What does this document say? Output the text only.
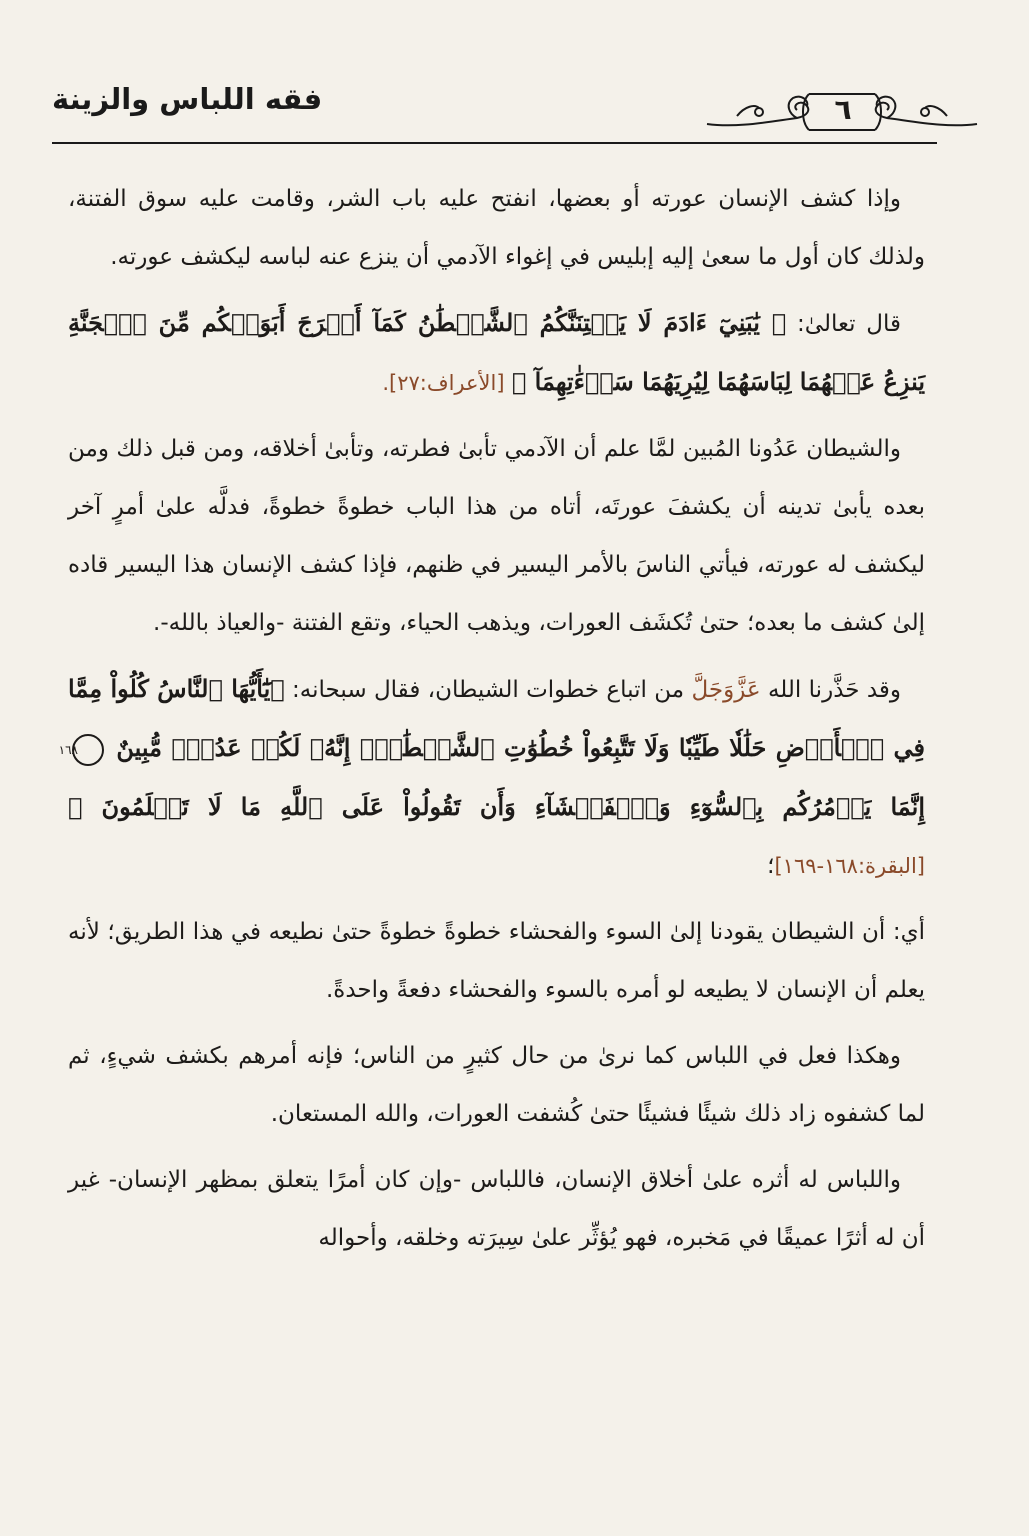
فقه اللباس والزينة	٦

وإذا كشف الإنسان عورته أو بعضها، انفتح عليه باب الشر، وقامت عليه سوق الفتنة، ولذلك كان أول ما سعىٰ إليه إبليس في إغواء الآدمي أن ينزع عنه لباسه ليكشف عورته.

قال تعالىٰ: ﴿ يَٰبَنِيٓ ءَادَمَ لَا يَفۡتِنَنَّكُمُ ٱلشَّيۡطَٰنُ كَمَآ أَخۡرَجَ أَبَوَيۡكُم مِّنَ ٱلۡجَنَّةِ يَنزِعُ عَنۡهُمَا لِبَاسَهُمَا لِيُرِيَهُمَا سَوۡءَٰتِهِمَآ ﴾ [الأعراف:٢٧].

والشيطان عَدُونا المُبين لمَّا علم أن الآدمي تأبىٰ فطرته، وتأبىٰ أخلاقه، ومن قبل ذلك ومن بعده يأبىٰ تدينه أن يكشفَ عورتَه، أتاه من هذا الباب خطوةً خطوةً، فدلَّه علىٰ أمرٍ آخر ليكشف له عورته، فيأتي الناسَ بالأمر اليسير في ظنهم، فإذا كشف الإنسان هذا اليسير قاده إلىٰ كشف ما بعده؛ حتىٰ تُكشَف العورات، ويذهب الحياء، وتقع الفتنة -والعياذ بالله-.

وقد حَذَّرنا الله عَزَّوَجَلَّ من اتباع خطوات الشيطان، فقال سبحانه: ﴿يَٰٓأَيُّهَا ٱلنَّاسُ كُلُواْ مِمَّا فِي ٱلۡأَرۡضِ حَلَٰلٗا طَيِّبٗا وَلَا تَتَّبِعُواْ خُطُوَٰتِ ٱلشَّيۡطَٰنِۚ إِنَّهُۥ لَكُمۡ عَدُوّٞ مُّبِينٌ ١٦٨ إِنَّمَا يَأۡمُرُكُم بِٱلسُّوٓءِ وَٱلۡفَحۡشَآءِ وَأَن تَقُولُواْ عَلَى ٱللَّهِ مَا لَا تَعۡلَمُونَ ﴾ [البقرة:١٦٨-١٦٩]؛

أي: أن الشيطان يقودنا إلىٰ السوء والفحشاء خطوةً خطوةً حتىٰ نطيعه في هذا الطريق؛ لأنه يعلم أن الإنسان لا يطيعه لو أمره بالسوء والفحشاء دفعةً واحدةً.

وهكذا فعل في اللباس كما نرىٰ من حال كثيرٍ من الناس؛ فإنه أمرهم بكشف شيءٍ، ثم لما كشفوه زاد ذلك شيئًا فشيئًا حتىٰ كُشفت العورات، والله المستعان.

واللباس له أثره علىٰ أخلاق الإنسان، فاللباس -وإن كان أمرًا يتعلق بمظهر الإنسان- غير أن له أثرًا عميقًا في مَخبره، فهو يُؤثِّر علىٰ سِيرَته وخلقه، وأحواله
